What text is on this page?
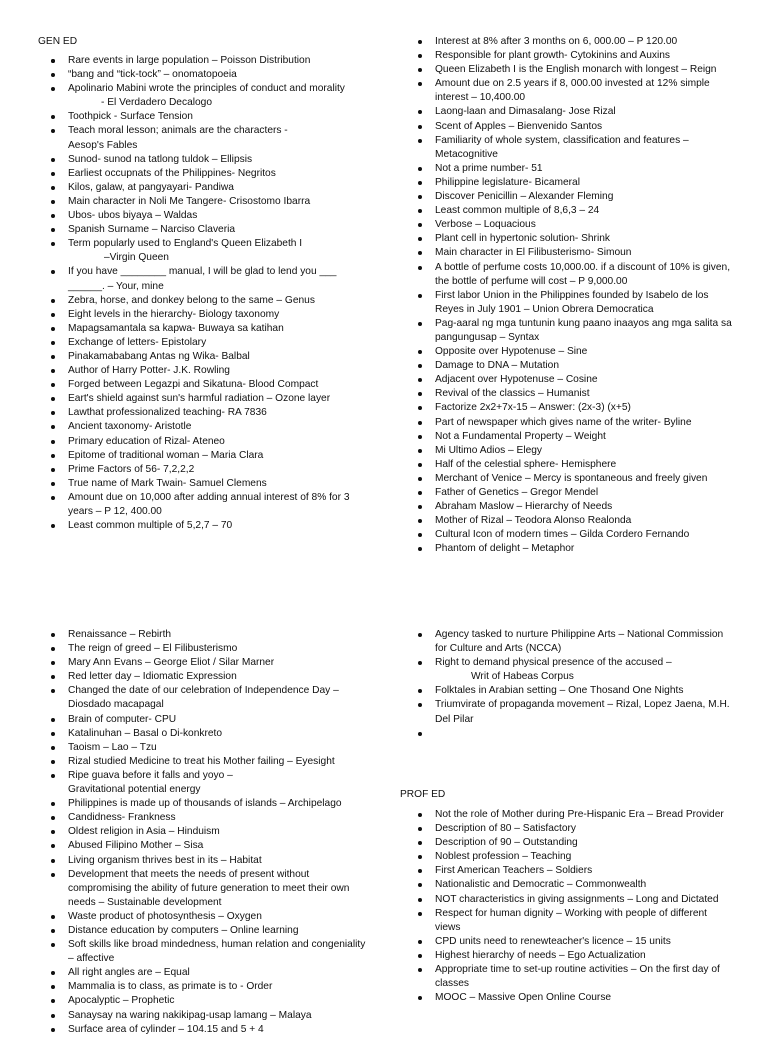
GEN ED
Rare events in large population – Poisson Distribution
“bang and “tick-tock” – onomatopoeia
Apolinario Mabini wrote the principles of conduct and morality
- El Verdadero Decalogo
Toothpick - Surface Tension
Teach moral lesson; animals are the characters -
Aesop's Fables
Sunod- sunod na tatlong tuldok – Ellipsis
Earliest occupnats of the Philippines- Negritos
Kilos, galaw, at pangyayari- Pandiwa
Main character in Noli Me Tangere- Crisostomo Ibarra
Ubos- ubos biyaya – Waldas
Spanish Surname – Narciso Claveria
Term popularly used to England's Queen Elizabeth I
–Virgin Queen
If you have ________ manual, I will be glad to lend you ___ ______. – Your, mine
Zebra, horse, and donkey belong to the same – Genus
Eight levels in the hierarchy- Biology taxonomy
Mapagsamantala sa kapwa- Buwaya sa katihan
Exchange of letters- Epistolary
Pinakamababang Antas ng Wika- Balbal
Author of Harry Potter- J.K. Rowling
Forged between Legazpi and Sikatuna- Blood Compact
Eart's shield against sun's harmful radiation – Ozone layer
Lawthat professionalized teaching- RA 7836
Ancient taxonomy- Aristotle
Primary education of Rizal- Ateneo
Epitome of traditional woman – Maria Clara
Prime Factors of 56- 7,2,2,2
True name of Mark Twain- Samuel Clemens
Amount due on 10,000 after adding annual interest of 8% for 3 years – P 12, 400.00
Least common multiple of 5,2,7 – 70
Interest at 8% after 3 months on 6, 000.00 – P 120.00
Responsible for plant growth- Cytokinins and Auxins
Queen Elizabeth I is the English monarch with longest – Reign
Amount due on 2.5 years if 8, 000.00 invested at 12% simple interest – 10,400.00
Laong-laan and Dimasalang- Jose Rizal
Scent of Apples – Bienvenido Santos
Familiarity of whole system, classification and features – Metacognitive
Not a prime number- 51
Philippine legislature- Bicameral
Discover Penicillin – Alexander Fleming
Least common multiple of 8,6,3 – 24
Verbose – Loquacious
Plant cell in hypertonic solution- Shrink
Main character in El Filibusterismo- Simoun
A bottle of perfume costs 10,000.00. if a discount of 10% is given, the bottle of perfume will cost – P 9,000.00
First labor Union in the Philippines founded by Isabelo de los Reyes in July 1901 – Union Obrera Democratica
Pag-aaral ng mga tuntunin kung paano inaayos ang mga salita sa pangungusap – Syntax
Opposite over Hypotenuse – Sine
Damage to DNA – Mutation
Adjacent over Hypotenuse – Cosine
Revival of the classics – Humanist
Factorize 2x2+7x-15 – Answer: (2x-3) (x+5)
Part of newspaper which gives name of the writer- Byline
Not a Fundamental Property – Weight
Mi Ultimo Adios – Elegy
Half of the celestial sphere- Hemisphere
Merchant of Venice – Mercy is spontaneous and freely given
Father of Genetics – Gregor Mendel
Abraham Maslow – Hierarchy of Needs
Mother of Rizal – Teodora Alonso Realonda
Cultural Icon of modern times – Gilda Cordero Fernando
Phantom of delight – Metaphor
Renaissance – Rebirth
The reign of greed – El Filibusterismo
Mary Ann Evans – George Eliot / Silar Marner
Red letter day – Idiomatic Expression
Changed the date of our celebration of Independence Day – Diosdado macapagal
Brain of computer- CPU
Katalinuhan – Basal o Di-konkreto
Taoism – Lao – Tzu
Rizal studied Medicine to treat his Mother failing – Eyesight
Ripe guava before it falls and yoyo –
Gravitational potential energy
Philippines is made up of thousands of islands – Archipelago
Candidness- Frankness
Oldest religion in Asia – Hinduism
Abused Filipino Mother – Sisa
Living organism thrives best in its – Habitat
Development that meets the needs of present without compromising the ability of future generation to meet their own needs – Sustainable development
Waste product of photosynthesis – Oxygen
Distance education by computers – Online learning
Soft skills like broad mindedness, human relation and congeniality – affective
All right angles are – Equal
Mammalia is to class, as primate is to - Order
Apocalyptic – Prophetic
Sanaysay na waring nakikipag-usap lamang – Malaya
Surface area of cylinder – 104.15 and 5 + 4
Agency tasked to nurture Philippine Arts – National Commission for Culture and Arts (NCCA)
Right to demand physical presence of the accused –
Writ of Habeas Corpus
Folktales in Arabian setting – One Thosand One Nights
Triumvirate of propaganda movement – Rizal, Lopez Jaena, M.H. Del Pilar
PROF ED
Not the role of Mother during Pre-Hispanic Era – Bread Provider
Description of 80 – Satisfactory
Description of 90 – Outstanding
Noblest profession – Teaching
First American Teachers – Soldiers
Nationalistic and Democratic – Commonwealth
NOT characteristics in giving assignments – Long and Dictated
Respect for human dignity – Working with people of different views
CPD units need to renewteacher's licence – 15 units
Highest hierarchy of needs – Ego Actualization
Appropriate time to set-up routine activities – On the first day of classes
MOOC – Massive Open Online Course
